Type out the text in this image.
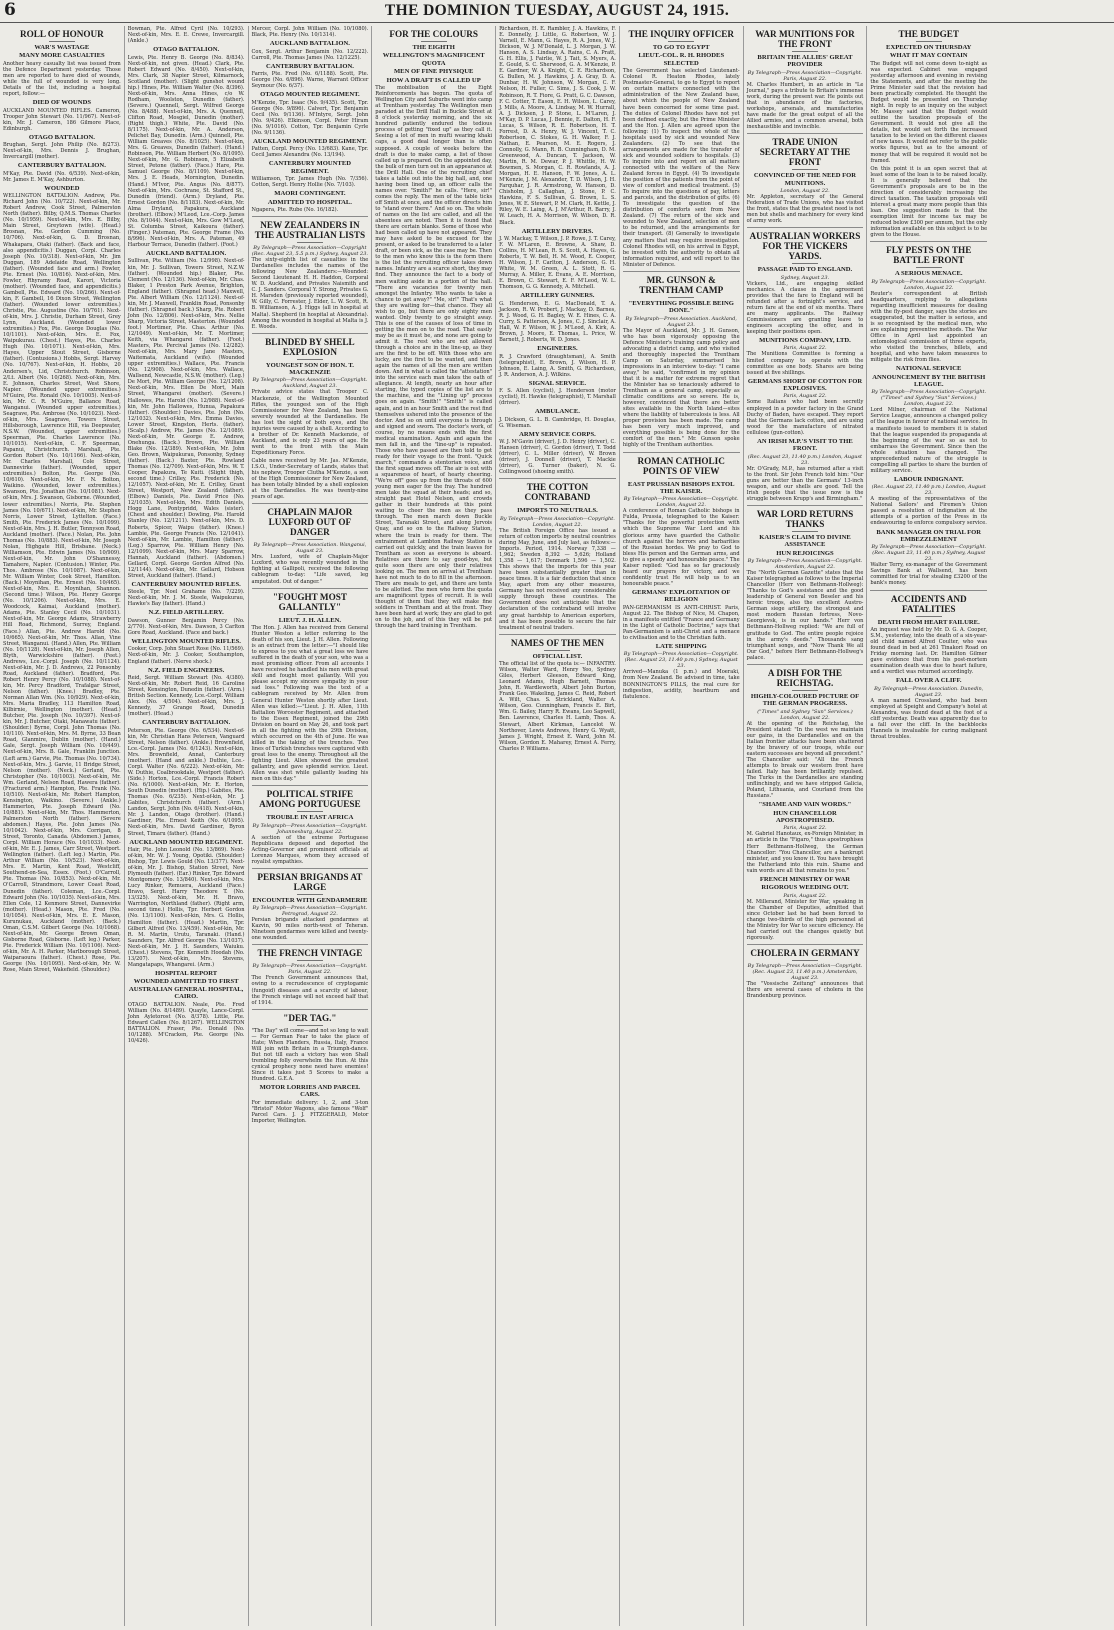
6	THE DOMINION TUESDAY, AUGUST 24, 1915.
ROLL OF HONOUR
WAR'S WASTAGE
MANY MORE CASUALTIES

Another heavy casualty list was issued from the Defence Department yesterday. Those men are reported to have died of wounds, while the full of wounded is very long. Details of the list, including a hospital report, follow:—

DIED OF WOUNDS

AUCKLAND MOUNTED RIFLES. Cameron, Trooper John Stewart (No. 11/967). Next-of-kin, Mr. J. Cameron, 186 Gilmore Place, Edinburgh.

OTAGO BATTALION.

Brughan, Sergt. John Philip (No. 8/273). Next-of-kin, Mrs. Dennis J. Brughan, Invercargill (mother).

CANTERBURY BATTALION.

M'Kay, Pte. David (No. 6/539). Next-of-kin, Mr. James E. M'Kay, Ashburton.

WOUNDED

WELLINGTON BATTALION. Andrew, Pte. Richard John (No. 10/722). Next-of-kin, Mr. Robert Andrew, Cook Street, Palmerston North (father). Bilby, Q.M.S. Thomas Charles (No. 10/1959). Next-of-kin, Mrs. E. Bilby, Main Street, Greytown (wife). (Head.) Brosnan, Pte. Gordon Cumming (No. 10/706). Next-of-kin, G. D. Brosnan, Whakapara, Otaki (father). (Back and face, also appendicitis.) Duggan, Corpl. Charles Joseph (No. 10/318). Next-of-kin, Mr. Jim Duggan, 189 Adelaide Road, Wellington (father). (Wounded face and arm.) Fowler, Pte. Ernest (No. 10/816). Next-of-kin, Mrs. Fowler, Rhyramy Road, Karori, Victoria (mother). (Wounded face, and appendicitis.) Gambell, Pte. Edward (No. 10/266). Next-of-kin, F. Gambell, 16 Dixon Street, Wellington (father). (Wounded lower extremities.) Christie, Pte. Augustine (No. 10/761). Next-of-kin, Mrs. J. Christie, Durham Street, Grey Lynn, Auckland. (Wounded lower extremities.) Fox, Pte. George Douglas (No. 10/1101). Next-of-kin, Mrs. E. Fox, Waipukurau. (Chest.) Hayes, Pte. Charles Hugh (No. 10/1071). Next-of-kin, Mrs. Hayes, Upper Stout Street, Gisborne (father). (Contusions.) Hobbs, Sergt. Harvey (No. 10/767). Next-of-kin, H. Hobbs, 20 Andersen's, Lid, Christchurch. Robinson, 2/Lt. Albert (No. 10/268). Next-of-kin, Mrs. E. Johnson, Charles Street, West Shore, Napier. (Wounded upper extremities.) M'Guire, Pte. Ronald (No. 10/1005). Next-of-kin, Mr. C. R. M'Guire, Ballance Road, Wanganui. (Wounded upper extremities.) Seagrave, Pte. Ambrose (No. 10/1023). Next-of-kin, Mrs. Seagrave, Towers Street, Hillsborough, Lawrence Hill, via Deepwater, N.S.W. (Wounded, upper extremities.) Speerman, Pte. Charles Lawrence (No. 10/1015). Next-of-kin, C. F. Speerman, Papanui, Christchurch. Marshall, Pte. Gordon Robert (No. 10/1166). Next-of-kin, Mr. Charles Marshall, Cole Street, Dannevirke (father). (Wounded, upper extremities.) Bolton, Pte. George (No. 10/610). Next-of-kin, Mr. F. N. Bolton, Waikino. (Wounded, lower extremities.) Swanson, Pte. Jonathan (No. 10/1081). Next-of-kin, Mrs. J. Swanson, Gisborne. (Wounded, lower extremities.) Norris, Pte. Stephen James (No. 10/671). Next-of-kin, Mr. Stephen Norris, Lower Street, Lyttelton. (Face.) Smith, Pte. Frederick James (No. 10/1099). Next-of-kin, Mrs. J. H. Butler, Tennyson Road, Auckland (mother). (Face.) Nolan, Pte. John Thomas (No. 10/883). Next-of-kin, Mr. Joseph Nolan, Highgate Hill, Brisbane. (Neck.) Williamson, Pte. Edwin James (No. 10/909). Next-of-kin, Mr. John O'Shannessy, Tamahere, Napier. (Contusion.) Winter, Pte. Thos. Ambrose (No. 10/1087). Next-of-kin, Mr. William Winter, Cook Street, Hamilton. (Back.) Moynihan, Pte. Ernest (No. 10/465). Next-of-kin, Mrs. E. Moynihan, Shannon. (Second time.) Wilson, Pte. Henry George (No. 10/1206). Next-of-kin, Mrs. E. Woodcock, Kaimai, Auckland (mother). Adams, Pte. Stanley Cecil (No. 10/1031). Next-of-kin, Mr. George Adams, Strawberry Hill Road, Richmond, Surrey, England. (Face.) Allan, Pte. Andrew Harold (No. 10/665). Next-of-kin, Mr. Thos. Allan, Vine Street, Wanganui. (Hand.) Allen, Pte. William (No. 10/1128). Next-of-kin, Mr. Joseph Allen, Blyth, Warwickshire (father). (Feet.) Andrews, Lce.-Corpl. Joseph (No. 10/1124). Next-of-kin, Mr. J. D. Andrews, 22 Ponsonby Road, Auckland (father). Bradford, Pte. Robert Henry Percy (No. 10/1088). Next-of-kin, Mr. Percy Bradford, Trafalgar Street, Nelson (father). (Knee.) Bradley, Pte. Norman Allan Wm. (No. 10/929). Next-of-kin, Mrs. Maria Bradley, 113 Hamilton Road, Kilbirnie, Wellington (mother). (Head.) Butcher, Pte. Joseph (No. 10/397). Next-of-kin, Mr. J. Butcher, Otaki, Manawatu (father). (Shoulder.) Byrne, Corpl. John Thomas (No. 10/110). Next-of-kin, Mrs. M. Byrne, 33 Bean Road, Glanmire, Dublin (mother). (Hand.) Gale, Sergt. Joseph William (No. 10/449). Next-of-kin, Mrs. B. Gale, Franklin Junction. (Left arm.) Garvie, Pte. Thomas (No. 10/734). Next-of-kin, Mrs. J. Garvie, 11 Bridge Street, Nelson (mother). (Neck.) Gerland, Pte. Christopher (No. 10/1003). Next-of-kin, Mr. Wm. Gerland, Nelson Road, Hawera (father). (Fractured arm.) Hampton, Pte. Frank (No. 10/510). Next-of-kin, Mr. Robert Hampton, Kensington, Waikino. (Severe.) (Ankle.) Hammerton, Pte. Joseph Edward (No. 10/881). Next-of-kin, Mr. Thos. Hammerton, Palmerston North (father). (Severe abdomen.) Hayes, Pte. John James (No. 10/1042). Next-of-kin, Mrs. Corrigan, 8 Street, Toronto, Canada. (Abdomen.) James, Corpl. William Horace (No. 10/1033). Next-of-kin, Mr. E. J. James, Carr Street, Westport. Wellington (father). (Left leg.) Martin, Pte. Arthur William (No. 10/523). Next-of-kin, Mrs. E. Martin, Kent Road, Westcliff, Southend-on-Sea, Essex. (Foot.) O'Carroll, Pte. Thomas (No. 10/853). Next-of-kin, Mr. O'Carroll, Strandmore, Lower Coast Road, Dunedin (father). Coleman, Lce.-Corpl. Edward John (No. 10/1035). Next-of-kin, Mrs. Ellen Cole, 12 Kenmore Street, Dannevirke (mother). (Head.) Mason, Pte. Fred (No. 10/1054). Next-of-kin, Mrs. E. E. Mason, Kurunukau, Auckland (mother). (Back.) Oman, C.S.M. Gilbert George (No. 10/1068). Next-of-kin, Mr. George Brown Oman, Gisborne Road, Gisborne. (Left leg.) Parker, Pte. Frederick William (No. 10/1106). Next-of-kin, Mr. A. H. Parker, Marlborough Street, Waiparaoura (father). (Chest.) Rose, Pte. George (No. 10/1095). Next-of-kin, Mr. W. Rose, Main Street, Wakefield. (Shoulder.)

Bowman, Pte. Alfred Cyril (No. 10/293). Next-of-kin, Mrs. E. E. Crewe, Invercargill. (Ankle.)

OTAGO BATTALION.

Lewis, Pte. Henry B. George (No. 8/834). Next-of-kin, not given. (Head.) Clark, Pte. Robert Edward (No. 8/450). Next-of-kin, Mrs. Clark, 38 Napier Street, Kilmarnock, Scotland (mother). (Slight gunshot wound hip.) Hines, Pte. William Walter (No. 8/396). Next-of-kin, Mrs. Anna Hines, c/o W. Rodham, Woolston, Dunedin (father). (Severe.) Quennell, Sergt. Wilfred George (No. 8/488). Next-of-kin, Mrs. A. Quennell, Clifton Road, Mosgiel, Dunedin (mother). (Right thigh.) White, Pte. David (No. 8/1175). Next-of-kin, Mr. A. Anderson, Pelichet Bay, Dunedin. (Arm.) Quinnell, Pte. William Greaves (No. 8/1025). Next-of-kin, Mrs. G. Greaves, Dunedin (father). (Hand.) Robinson, Pte. William Herbert (No. 8/1095). Next-of-kin, Mr. G. Robinson, 5 Elizabeth Street, Petone (father). (Face.) Hare, Pte. Samuel George (No. 8/1109). Next-of-kin, Mrs. J. E. Heads, Mornington, Dunedin. (Hand.) M'Ivor, Pte. Angus (No. 8/877). Next-of-kin, Mrs. Cochrane, St. Stafford St., Dunedin (friend). (Arm.) Dryland, Pte. Ernest Gordon (No. 8/1183). Next-of-kin, Mr. Alma Dryland, Papakura, Auckland (brother). (Elbow.) M'Leod, Lce.-Corp. James (No. 8/1044). Next-of-kin, Mrs. Gow M'Leod, St. Columba Street, Kaikoura (father). (Finger.) Pateman, Pte. George Frame (No. 8/996). Next-of-kin, Mrs. A. Pateman, 49 Harbour Terrace, Dunedin (father). (Foot.)

AUCKLAND BATTALION.

Sullivan, Pte. William (No. 12/998). Next-of-kin, Mr. J. Sullivan, Towers Street, N.Z.W. (father). (Wounded hip.) Blaker, Pte. Clement (No. 12/136). Next-of-kin, Mr. Chas. Blaker, 1 Preston Park Avenue, Brighton, England (father). (Shrapnel head.) Maxwell, Pte. Albert William (No. 12/1124). Next-of-kin, Mr. J. Maxwell, Franklin Road, Ponsonby (father). (Shrapnel back.) Sharp, Pte. Robert John (No. 12/806). Next-of-kin, Mrs. Nellie Sharp, Victoria Street, Masterton. (Wounded foot.) Mortimer, Pte. Chas. Arthur (No. 12/1049). Next-of-kin, Mr. T. Mortimer, Keith, via Whangarei (father). (Foot.) Masters, Pte. Percival James (No. 12/282). Next-of-kin, Mrs. Mary Jane Masters, Waitemata, Auckland (wife). (Wounded upper extremities.) Wallace, Pte. Francis (No. 12/908). Next-of-kin, Mrs. Wallace, Wallsend, Newcastle, N.S.W. (mother). (Leg.) De Mort, Pte. William George (No. 12/1208). Next-of-kin, Mrs. Ellen De Mort, Main Street, Whangarei (mother). (Severe.) Hallowes, Pte. Harold (No. 12/988). Next-of-kin, Mr. John Hallowes, Hunua, Papakura (father). (Shoulder.) Davies, Pte. John (No. 12/1032). Next-of-kin, Mrs. Emma Davies, Lower Street, Kingston, Herts. (father). (Scalp.) Andrew, Pte. James (No. 12/1089). Next-of-kin, Mr. George E. Andrew, Onehunga. (Back.) Brown, Pte. William Blake (No. 12/389). Next-of-kin, Mr. John Geo. Brown, Waipukurau, Ponsonby, Sydney (father). (Back.) Baxter, Pte. Rowland Thomas (No. 12/709). Next-of-kin, Mrs. W. T. Cooper, Papakura, Te Kuiti. (Slight thigh, second time.) Crilley, Pte. Frederick (No. 12/1057). Next-of-kin, Mr. E. Crilley, Grant Street, Westport, New Zealand (father). (Elbow.) Daniels, Pte. David Price (No. 12/1035). Next-of-kin, Mrs. Edith Daniels, Hogg Lane, Pontypridd, Wales (sister). (Chest and shoulder.) Dowling, Pte. Harold Stanley (No. 12/1211). Next-of-kin, Mrs. D. Roberts, Spicer, Waipu (father). (Knee.) Lambie, Pte. George Francis (No. 12/1041). Next-of-kin, Mr. Lambie, Hamilton (father). (Leg.) Sparrow, Pte. William Henry (No. 12/1099). Next-of-kin, Mrs. Mary Sparrow, Hannah, Auckland (father). (Abdomen.) Gellard, Corpl. George Gordon Alfred (No. 12/1144). Next-of-kin, Mr. Gellard, Hobson Street, Auckland (father). (Hand.)

CANTERBURY MOUNTED RIFLES.

Steele, Tpr. Noel Grahame (No. 7/229). Next-of-kin, Mr. J. M. Steele, Waipukurau, Hawke's Bay (father). (Hand.)

N.Z. FIELD ARTILLERY.

Dawson, Gunner Benjamin Percy (No. 2/770). Next-of-kin, Mrs. Dawson, 3 Carlton Gore Road, Auckland. (Face and back.)

WELLINGTON MOUNTED RIFLES.

Cooker, Corp. John Stuart Rose (No. 11/569). Next-of-kin, Mr. J. Cooker, Southampton, England (father). (Nerve shock.)

N.Z. FIELD ENGINEERS.

Reid, Sergt. William Stewart (No. 4/380). Next-of-kin, Mr. Robert Reid, 16 Caroline Street, Kensington, Dunedin (father). (Arm.) British Section. Kennedy, Lce.-Corpl. William Alex. (No. 4/504). Next-of-kin, Mrs. J. Kennedy, 37 Grange Road, Dunedin (mother). (Head.)

CANTERBURY BATTALION.

Peterson, Pte. George (No. 6/534). Next-of-kin, Mr. Christian Hans Petersen, Vanguard Street, Nelson (father). (Ankle.) Brownfield, Lce.-Corpl. James (No. 6/1243). Next-of-kin, Mrs. Brownfield, Annat, Canterbury (mother). (Hand and ankle.) Duthie, Lce.-Corpl. Walter (No. 6/222). Next-of-kin, Mr. W. Duthie, Coalbrookdale, Westport (father). (Side.) Horton, Lce.-Corpl. Francis Robert (No. 6/1000). Next-of-kin, Mr. E. Horton, South Dunedin (mother). (Hip.) Gabites, Pte. Thomas (No. 6/235). Next-of-kin, Mr. J. Gabites, Christchurch (father). (Arm.) Landon, Sergt. John (No. 6/418). Next-of-kin, Mr. J. Landon, Otago (brother). (Hand.) Gardiner, Pte. Ernest Keith (No. 6/1095). Next-of-kin, Mrs. David Gardiner, Byron Street, Timaru (father). (Hand.)

AUCKLAND MOUNTED REGIMENT.

Hair, Pte. John Leonold (No. 13/869). Next-of-kin, Mr. W. J. Young, Opotiki. (Shoulder.) Bishop, Tpr. Lewis Gould (No. 13/377). Next-of-kin, Mr. J. Bishop, Station Street, New Plymouth (father). (Ear.) Rinker, Tpr. Edward Montgomery (No. 13/840). Next-of-kin, Mrs. Lucy Rinker, Remuera, Auckland (Face.) Bravo, Sergt. Harry Theodore T. (No. 13/325). Next-of-kin, Mr. H. Bravo, Warrington, Northland (father). (Right arm, second time.) Hollis, Tpr. Herbert Gordon (No. 13/1100). Next-of-kin, Mrs. G. Hollis, Hamilton (father). (Head.) Martin, Tpr. Gilbert Alfred (No. 13/459). Next-of-kin, Mr. R. M. Martin, Urutu, Taranaki. (Hand.) Saunders, Tpr. Alfred George (No. 13/1037). Next-of-kin, Mr. J. H. Saunders, Waiuku. (Chest.) Stevens, Tpr. Kenneth Hoodah (No. 13/207). Next-of-kin, Mrs. Stevens, Mangatapaps, Whangarei. (Arm.)

HOSPITAL REPORT
WOUNDED ADMITTED TO FIRST AUSTRALIAN GENERAL HOSPITAL, CAIRO.

OTAGO BATTALION. Neale, Pte. Fred William (No. 8/1489). Quayle, Lance-Corpl. John Ayletorost (No. 8/378). Little, Pte. Edward Callen (No. 8/1267). WELLINGTON BATTALION. Fraser, Pte. Donald (No. 10/1288). M'Cracken, Pte. George (No. 10/426).

Mercer, Corpl. John William (No. 10/1080). Black, Pte. Henry (No. 10/1314).

AUCKLAND BATTALION.

Cox, Sergt. Arthur Benjamin (No. 12/222). Carroll, Pte. Thomas James (No. 12/1225).

CANTERBURY BATTALION.

Farris, Pte. Fred (No. 6/1188). Scott, Pte. George (No. 6/896). Warne, Warrant Officer Seymour (No. 6/37).

OTAGO MOUNTED REGIMENT.

M'Kenzie, Tpr. Isaac (No. 9/435). Scott, Tpr. George (No. 9/896). Calvert, Tpr. Benjamin Cecil (No. 9/1136). M'Intyre, Sergt. John (No. 9/426). Elkinson, Corpl. Peter Hiram (No. 9/1016). Cotton, Tpr. Benjamin Cyrle (No. 9/1136).

AUCKLAND MOUNTED REGIMENT.

Patten, Corpl. Percy (No. 13/683). Kane, Tpr. Cecil James Alexandra (No. 13/194).

CANTERBURY MOUNTED REGIMENT.

Williamson, Tpr. James Hugh (No. 7/356). Cotton, Sergt. Henry Hollie (No. 7/103).

MAORI CONTINGENT.
ADMITTED TO HOSPITAL.

Ngapera, Pte. Rube (No. 16/182).

NEW ZEALANDERS IN THE AUSTRALIAN LISTS

By Telegraph—Press Association—Copyright (Rec. August 23, 5.5 p.m.) Sydney, August 23.

The sixty-eighth list of casualties in the Dardanelles includes the names of the following New Zealanders:—Wounded: Second Lieutenant H. H. Haddon, Corporal W. D. Auckland, and Privates Naismith and C. J. Sanders. Corporal Y. Strong, Privates G. H. Marsden (previously reported wounded), W. Gilly, C. Forrester, J. Elder, L. W. Scott, R. B. Williamson, A. J. Higgs (all in hospital at Malta). Shepherd (in hospital at Alexandria). Among the wounded in hospital at Malta is J. E. Woods.

BLINDED BY SHELL EXPLOSION
YOUNGEST SON OF HON. T. MACKENZIE

By Telegraph—Press Association—Copyright. Auckland, August 23.

Private advice states that Trooper C. Mackenzie, of the Wellington Mounted Rifles, the youngest son of the High Commissioner for New Zealand, has been severely wounded at the Dardanelles. He has lost the sight of both eyes, and the injuries were caused by a shell. According to a brother of Dr. Kenneth Mackenzie, of Auckland, and is only 23 years of age. He went to the front with the Main Expeditionary Force.

Cable news received by Mr. Jas. M'Kenzie, I.S.O., Under-Secretary of Lands, states that his nephew, Trooper Clutha M'Kenzie, a son of the High Commissioner for New Zealand, has been totally blinded by a shell explosion at the Dardanelles. He was twenty-nine years of age.

CHAPLAIN MAJOR LUXFORD OUT OF DANGER

By Telegraph—Press Association. Wanganui, August 23.

Mrs. Luxford, wife of Chaplain-Major Luxford, who was recently wounded in the fighting at Gallipoli, received the following cablegram to-day: "Life saved, leg amputated. Out of danger."

"FOUGHT MOST GALLANTLY"
LIEUT. J. H. ALLEN.

The Hon. J. Allen has received from General Hunter Weston a letter referring to the death of his son, Lieut. J. H. Allen. Following is an extract from the letter:—"I should like to express to you what a great loss we have suffered in the death of your son, who was a most promising officer. From all accounts I have received he handled his men with great skill and fought most gallantly. Will you please accept my sincere sympathy in your sad loss." Following was the text of a cablegram received by Mr. Allen from General Hunter Weston shortly after Lieut. Allen was killed:—"Lieut. J. H. Allen, 11th Battalion Worcester Regiment, and attached to the Essex Regiment, joined the 29th Division on board on May 26, and took part in all the fighting with the 29th Division, which occurred on the 4th of June. He was killed in the taking of the trenches. Two lines of Turkish trenches were captured with great loss to the enemy. Throughout all the fighting Lieut. Allen showed the greatest gallantry, and gave splendid service. Lieut. Allen was shot while gallantly leading his men on this day."

POLITICAL STRIFE AMONG PORTUGUESE
TROUBLE IN EAST AFRICA

By Telegraph—Press Association—Copyright. Johannesburg, August 22.

A section of the extreme Portuguese Republicans deposed and deported the Acting-Governor and prominent officials at Lorenzo Marques, whom they accused of royalist sympathies.

PERSIAN BRIGANDS AT LARGE
ENCOUNTER WITH GENDARMERIE

By Telegraph—Press Association—Copyright. Petrograd, August 22.

Persian brigands attacked gendarmes at Kazvin, 90 miles north-west of Teheran. Nineteen gendarmes were killed and twenty-one wounded.

THE FRENCH VINTAGE

By Telegraph—Press Association—Copyright. Paris, August 22.

The French Government announces that, owing to a recrudescence of cryptogamic (fungoid) diseases and a scarcity of labour, the French vintage will not exceed half that of 1914.

"DER TAG."

"The Day" will come—and not so long to wait— For German Fear to take the place of Hate; When Flanders, Russia, Italy, France Will join with Britain in a Triumph-dance. But not till each a victory has won Shall trembling folly overwhelm the Hun. At this cynical prophecy none need have enemies! Since it takes just 5 Scores to make a Hundred. G.E.A.

MOTOR LORRIES AND PARCEL CARS.

For immediate delivery: 1, 2, and 3-ton "Bristol" Motor Wagons, also famous "Wolf" Parcel Cars. J. J. FITZGERALD, Motor Importer, Wellington.

FOR THE COLOURS
THE EIGHTH
WELLINGTON'S MAGNIFICENT QUOTA
MEN OF FINE PHYSIQUE
HOW A DRAFT IS CALLED UP

The mobilisation of the Eight Reinforcements has begun. The quota of Wellington City and Suburbs went into camp at Trentham yesterday. The Wellington men paraded at the Drill Hall in Buckle Street at 8 o'clock yesterday morning, and the six hundred patiently endured the tedious process of getting "fixed up" as they call it. Seeing a lot of men in mufti wearing khaki caps, a good deal longer than is often supposed. A couple of weeks before the draft is due to make camp, a list of those called up is prepared. On the appointed day, the bulk of men turn out in an appearance at the Drill Hall. One of the recruiting chief takes a table out into the big hall, and, one having been lined up, an officer calls the names over. "Smith!" he calls. "Here, sir!" comes the reply. The men of the table ticks off Smith at once, and the officer directs him to "stand over there." And so on. The whole of names on the list are called, and all the absentees are noted. Then it is found that there are certain blanks. Some of those who had been called up have not appeared. They may have asked to be excused for the present, or asked to be transferred to a later draft, or been sick, as the case may be. Then to the men who know this is the form there is the list the recruiting officer takes down names. Infantry are a scarce short, they may find. They announce the fact to a body of men waiting aside in a portion of the hall. "There are vacancies for twenty men amongst the Infantry. Who wants to take a chance to get away?" "Me, sir!" That's what they are waiting for—that chance. They all wish to go, but there are only eighty men wanted. Only twenty to go straight away. This is one of the causes of loss of time in getting the men on to the road. That easily may be as it must be, and none are going to admit it. The rest who are not allowed through a choice are in the line-up, as they are the first to be off. With those who are lucky, are the first to be wanted, and then again the names of all the men are written down. And in what is called the "attestation" into the service each man takes the oath of allegiance. At length, nearly an hour after starting, the typed copies of the list are to the machine, and the "Lining up" process goes on again. "Smith!" "Smith!" is called again, and in an hour Smith and the rest find themselves ushered into the presence of the doctor. And so on until everyone is through and signed and sworn. The doctor's work, of course, by no means ends with the first medical examination. Again and again the men fall in, and the "line-up" is repeated. Those who have passed are then told to get ready for their voyage to the front. "Quick march," commands a stentorian voice, and the first squad moves off. The air is out with a squareness of heart, of hearty cheering. "We're off" goes up from the throats of 600 young men eager for the fray. The hundred men take the squad at their heads; and so, straight past Hotel Nelson, and crowds gather in their hundreds at this point waiting to cheer the men as they pass through. The men march down Buckle Street, Taranaki Street, and along Jervois Quay, and so on to the Railway Station, where the train is ready for them. The entrainment at Lambton Railway Station is carried out quickly, and the train leaves for Trentham as soon as everyone is aboard. Relatives are there to say good-bye, but quite soon there are only their relatives looking on. The men on arrival at Trentham have not much to do to fill in the afternoon. There are meals to get, and there are tents to be allotted. The men who form the quota are magnificent types of recruit. It is well thought of them that they will make fine soldiers in Trentham and at the front. They have been hard at work; they are glad to get on to the job, and of this they will be put through the hard training in Trentham.

Richardson, H. E. Rambler, J. A. Hawkins, F. E. Donnelly, J. Little, G. Robertson, W. J. Varnell, E. Mann, G. Hayes, R. A. Jones, W. J. Dickson, W. J. M'Donald, L. J. Morgan, J. W. Hanson, A. S. Lindsay, A. Rains, C. A. Pratt, G. H. Ellis, J. Fairlie, W. J. Tait, S. Myers, A. E. Gould, S. C. Sherwood, G. A. M'Kenzie, P. E. Gardner, W. A. Knight, C. E. Richardson, G. Bullen, M. J. Hawkins, J. A. Gray, D. A. Dunbar, H. W. Johnson, W. Morgan, C. F. Nelson, H. Fuller, C. Sims, J. S. Cook, J. W. Robinson, R. T. Fiore, G. Pratt, G. C. Dawson, F. C. Cotter, T. Eason, E. H. Wilson, L. Carey, J. Mills, A. Moore, A. Lindsay, M. W. Hurrall, A. J. Dicksen, J. P. Stone, L. M'Laren, J. M'Kay, D. P. Lucas, J. Bennie, E. Dalton, H. F. Lucas, S. Wilson, R. E. Robertson, H. T. Forrest, D. A. Henry, W. J. Vincent, T. C. Robertson, C. Stokes, G. H. Walker, F. J. Nathan, E. Pearson, M. E. Rogers, J. Connolly, G. Mann, R. B. Cunningham, D. M. Greenwood, A. Duncan, T. Jackson, W. Martin, R. M. Dewar, P. J. Whittle, H. W. Bowmen, S. Morgan, C. R. Rowlands, A. J. Morgan, H. E. Hanson, F. W. Jones, A. L. M'Kenzie, J. M. Alexander, T. D. Wilson, J. H. Farquhar, J. R. Armstrong, W. Hanson, D. Chisholm, J. Callaghan, J. Stone, P. C. Hawkins, F. S. Sullivan, G. Brown, L. S. Jones, W. E. Stewart, P. M. Clark, H. Kettle, J. Riley, W. E. Laing, A. J. M'Arthur, R. Barry, J. W. Leach, H. A. Morrison, W. Wilson, D. R. Black.

ARTILLERY DRIVERS.

J. W. Mackay, T. Wilson, J. P. Rowe, J. T. Carey, F. W. M'Laren, E. Browne, A. Shaw, D. Collins, H. M'Lean, R. S. Scott, A. Hayes, G. Roberts, T. W. Bell, H. M. Wood, E. Cooper, H. Wilson, J. F. Carlton, J. Anderson, G. H. White, W. M. Green, A. L. Stott, R. G. Murray, A. Miller, E. Evans, A. E. Morrison, E. Brown, C. Stewart, E. F. M'Leod, W. L. Thomson, G. G. Kennedy, A. Mitchell.

ARTILLERY GUNNERS.

G. Henderson, E. G. MacDonald, T. A. Jackson, R. W. Probert, J. Mackay, D. Barnes, R. J. Wood, G. H. Bagley, W. E. Hines, C. A. Curry, S. Patterson, A. Jones, C. J. Sinclair, A. Hall, W. F. Wilson, W. J. M'Leod, A. Kirk, A. Brown, J. Moore, E. Thomas, L. Price, W. Barnett, J. Roberts, W. D. Jones.

ENGINEERS.

R. J. Crawford (draughtsman), A. Smith (telegraphist), E. Brown, J. Wilson, H. P. Johnson, E. Laing, A. Smith, G. Richardson, J. R. Anderson, A. J. Wilkins.

SIGNAL SERVICE.

F. S. Allen (cyclist), J. Henderson (motor cyclist), H. Hawke (telegraphist), T. Marshall (driver).

AMBULANCE.

J. Dickson, G. L. B. Cambridge, H. Douglas, G. Wiseman.

ARMY SERVICE CORPS.

W. J. M'Gavin (driver), J. D. Henry (driver), C. Hansen (driver), C. Gordon (driver), T. Todd (driver), C. L. Miller (driver), W. Brown (driver), J. Donnell (driver), T. Mackie (driver), G. Turner (baker), N. G. Collingwood (shoeing smith).

THE COTTON CONTRABAND
IMPORTS TO NEUTRALS.

By Telegraph—Press Association—Copyright. London, August 22.

The British Foreign Office has issued a return of cotton imports by neutral countries during May, June, and July last, as follows:— Imports. Period, 1914. Norway 7,338 — 1,962; Sweden 8,392 — 5,626; Holland 1,358 — 1,617; Denmark 1,596 — 1,502. This shows that the imports for this year have been substantially greater than in peace times. It is a fair deduction that since May, apart from any other measures, Germany has not received any considerable supply through these countries. The Government does not anticipate that the declaration of the contraband will involve any great hardship to American exporters, and it has been possible to secure the fair treatment of neutral traders.

NAMES OF THE MEN
OFFICIAL LIST.

The official list of the quota is:— INFANTRY. Wilson, Walter Ward, Henry Yeo, Sydney Giles, Herbert Gleeson, Edward King, Leonard Adams, Hugh Barnett, Thomas John, R. Wardleworth, Albert John Burton, Frank Geo. Wakeling, James C. Reid, Robert A. Wilt, Chas. S. Strickland, Walter A. Wilson, Geo. Cunningham, Francis E. Birt, Wm. G. Bailey, Harry R. Ewans, Leo Sapwell, Ben. Lawrence, Charles H. Lamb, Thos. A. Stewart, Albert Kirkman, Lancelot W. Northover, Lewis Andrews, Henry G. Wyatt, James J. Wright, Ernest E. Ward, John M. Wilson, Gordon E. Maharey, Ernest A. Ferry, Charles P. Williams.

THE INQUIRY OFFICER
TO GO TO EGYPT
LIEUT.-COL. R. H. RHODES SELECTED

The Government has selected Lieutenant-Colonel R. Heaton Rhodes, lately Postmaster-General, to go to Egypt to report on certain matters connected with the administration of the New Zealand base, about which the people of New Zealand have been concerned for some time past. The duties of Colonel Rhodes have not yet been defined exactly, but the Prime Minister and the Hon. J. Allen are agreed upon the following: (1) To inspect the whole of the hospitals used by sick and wounded New Zealanders. (2) To see that the arrangements are made for the transfer of sick and wounded soldiers to hospitals. (3) To inquire into and report on all matters connected with the welfare of the New Zealand forces in Egypt. (4) To investigate the position of the patients from the point of view of comfort and medical treatment. (5) To inquire into the questions of pay, letters and parcels, and the distribution of gifts. (6) To investigate the question of the distribution of comforts sent from New Zealand. (7) The return of the sick and wounded to New Zealand, selection of men to be returned, and the arrangements for their transport. (8) Generally to investigate any matters that may require investigation. Colonel Rhodes will, on his arrival in Egypt, be invested with the authority to obtain all information required, and will report to the Minister of Defence.

MR. GUNSON & TRENTHAM CAMP
"EVERYTHING POSSIBLE BEING DONE."

By Telegraph—Press Association. Auckland, August 23.

The Mayor of Auckland, Mr. J. H. Gunson, who has been vigorously opposing the Defence Minister's training camp policy and advocating a district camp, and who visited and thoroughly inspected the Trentham Camp on Saturday, summarised his impressions in an interview to-day: "I came away," he said, "confirmed in my opinion that it is a matter for extreme regret that the Minister has so tenaciously adhered to Trentham as a general camp, especially as climatic conditions are so severe. He is, however, convinced that there are better sites available in the North Island—sites where the liability of tuberculosis is less. All proper provision has been made. The camp has been very much improved, and everything possible is being done for the comfort of the men." Mr. Gunson spoke highly of the Trentham authorities.

ROMAN CATHOLIC POINTS OF VIEW
EAST PRUSSIAN BISHOPS EXTOL THE KAISER.

By Telegraph—Press Association—Copyright. London, August 22.

A conference of Roman Catholic bishops in Fulda, Prussia, telegraphed to the Kaiser: "Thanks for the powerful protection with which the Supreme War Lord and his glorious army have guarded the Catholic church against the horrors and barbarities of the Russian hordes. We pray to God to bless His person and the German arms, and to give a speedy and honourable peace." The Kaiser replied: "God has so far graciously heard our prayers for victory, and we confidently trust He will help us to an honourable peace."

GERMANS' EXPLOITATION OF RELIGION

PAN-GERMANISM IS ANTI-CHRIST. Paris, August 22. The Bishop of Nice, M. Chapon, in a manifesto entitled "France and Germany in the Light of Catholic Doctrine," says that Pan-Germanism is anti-Christ and a menace to civilisation and to the Christian faith.

LATE SHIPPING

By Telegraph—Press Association—Copyright. (Rec. August 23, 11.40 p.m.) Sydney, August 23.

Arrived—Manuka (1 p.m.) and Moeraki, from New Zealand. Be advised in time, take BONNINGTON'S PILLS, the real cure for indigestion, acidity, heartburn and flatulence.

WAR MUNITIONS FOR THE FRONT
BRITAIN THE ALLIES' GREAT PROVIDER

By Telegraph—Press Association—Copyright. Paris, August 22.

M. Charles Humbert, in an article in "Le Journal," pays a tribute to Britain's immense work, during the present war. He points out that in abundance of the factories, workshops, arsenals, and manufactories have made for the great output of all the Allied armies, and a common arsenal, both inexhaustible and invincible.

TRADE UNION SECRETARY AT THE FRONT
CONVINCED OF THE NEED FOR MUNITIONS.

London, August 22.

Mr. Appleton, secretary of the General Federation of Trade Unions, who has visited the front, states that the greatest need is not men but shells and machinery for every kind of army work.

AUSTRALIAN WORKERS FOR THE VICKERS YARDS.
PASSAGE PAID TO ENGLAND.

Sydney, August 23.

Vickers, Ltd., are engaging skilled mechanics. A clause in the agreement provides that the fare to England will be refunded after a fortnight's service, and return fare at the end of six months. There are many applicants. The Railway Commissioners are granting leave to engineers accepting the offer, and in keeping their positions open.

MUNITIONS COMPANY, LTD.

Paris, August 22.

The Munitions Committee is forming a limited company to operate with the committee as one body. Shares are being issued at five shillings.

GERMANS SHORT OF COTTON FOR EXPLOSIVES.

Paris, August 22.

Some Italians who had been secretly employed in a powder factory in the Grand Duchy of Baden, have escaped. They report that the Germans lack cotton, and are using wood for the manufacture of nitrated cellulose (gun-cotton).

AN IRISH M.P.'S VISIT TO THE FRONT.

(Rec. August 23, 11.40 p.m.) London, August 23.

Mr. O'Grady, M.P., has returned after a visit to the front. Sir John French told him: "Our guns are better than the Germans' 13-inch weapon, and our shells are good. Tell the Irish people that the issue now is the struggle between Krupp's and Birmingham."

WAR LORD RETURNS THANKS
KAISER'S CLAIM TO DIVINE ASSISTANCE
HUN REJOICINGS

By Telegraph—Press Association—Copyright. Amsterdam, August 22.

The "North German Gazette" states that the Kaiser telegraphed as follows to the Imperial Chancellor (Herr von Bethmann-Hollweg): "Thanks to God's assistance and the good leadership of General von Beseler and his heroic troops, also the excellent Austro-German siege artillery, the strongest and most modern Russian fortress, Novo-Georgievsk, is in our hands." Herr von Bethmann-Hollweg replied: "We are full of gratitude to God. The entire people rejoice in the army's deeds." Thousands sang triumphant songs, and "Now Thank We all Our God," before Herr Bethmann-Hollweg's palace.

A DISH FOR THE REICHSTAG.
HIGHLY-COLOURED PICTURE OF THE GERMAN PROGRESS.

("Times" and Sydney "Sun" Services.) London, August 22.

At the opening of the Reichstag, the President stated: "In the west we maintain our gains, in the Dardanelles and on the Italian frontier attacks have been shattered by the bravery of our troops, while our eastern successes are beyond all precedent." The Chancellor said: "All the French attempts to break our western front have failed. Italy has been brilliantly repulsed. The Turks in the Dardanelles are standing unflinchingly, and we have stripped Galicia, Poland, Lithuania, and Courland from the Russians."

"SHAME AND VAIN WORDS."
HUN CHANCELLOR APOSTROPHISED.

Paris, August 22.

M. Gabriel Hanotaux, ex-Foreign Minister, in an article in the "Figaro," thus apostrophises Herr Bethmann-Hollweg, the German Chancellor: "You Chancellor, are a bankrupt minister, and you know it. You have brought the Fatherland into this ruin. Shame and vain words are all that remains to you."

FRENCH MINISTRY OF WAR
RIGOROUS WEEDING OUT.

Paris, August 22.

M. Millerand, Minister for War, speaking in the Chamber of Deputies, admitted that since October last he had been forced to change two-thirds of the high personnel at the Ministry for War to secure efficiency. He had carried out the changes quietly but rigorously.

CHOLERA IN GERMANY

By Telegraph—Press Association—Copyright. (Rec. August 23, 11.40 p.m.) Amsterdam, August 23.

The "Vossische Zeitung" announces that there are several cases of cholera in the Brandenburg province.

THE BUDGET
EXPECTED ON THURSDAY
WHAT IT MAY CONTAIN

The Budget will not come down to-night as was expected. Cabinet was engaged yesterday afternoon and evening in revising the Statements, and after the meeting the Prime Minister said that the revision had been practically completed. He thought the Budget would be presented on Thursday night. In reply to an inquiry on the subject Mr. Massey said that the Budget would outline the taxation proposals of the Government. It would not give all the details, but would set forth the increased taxation to be levied on the different classes of new taxes. It would not refer to the public works figures, but as to the amount of money that will be required it would not be framed.

On this point it is an open secret that at least some of the loan is to be raised locally. It is generally believed that the Government's proposals are to be in the direction of considerably increasing the direct taxation. The taxation proposals will interest a great many more people than this loan. One suggestion made is that the exemption limit for income tax may be reduced below £300 per annum, but the only information available on this subject is to be given to the House.

FLY PESTS ON THE BATTLE FRONT
A SERIOUS MENACE.

By Telegraph—Press Association—Copyright. London, August 22.

Reuter's correspondent at British headquarters, replying to allegations regarding insufficient measures for dealing with the fly-pest danger, says the stories are exaggerated, but the matter is serious, and is so recognised by the medical men, who are explaining preventive methods. The War Office in April last appointed an entomological commission of three experts, who visited the trenches, billets, and hospital, and who have taken measures to mitigate the risk from flies.

NATIONAL SERVICE
ANNOUNCEMENT BY THE BRITISH LEAGUE.

By Telegraph—Press Association—Copyright. ("Times" and Sydney "Sun" Services.) London, August 22.

Lord Milner, chairman of the National Service League, announces a changed policy of the league in favour of national service. In a manifesto issued to members it is stated that the league suspended its propaganda at the beginning of the war so as not to embarrass the Government. Since then the whole situation has changed. The unprecedented nature of the struggle is compelling all parties to share the burden of military service.

LABOUR INDIGNANT.

(Rec. August 23, 11.40 p.m.) London, August 23.

A meeting of the representatives of the National Sailors' and Firemen's Union passed a resolution of indignation at the attempts of a portion of the Press in its endeavouring to enforce compulsory service.

BANK MANAGER ON TRIAL FOR EMBEZZLEMENT

By Telegraph—Press Association—Copyright. (Rec. August 23, 11.40 p.m.) Sydney, August 23.

Walter Terry, ex-manager of the Government Savings Bank at Wallsend, has been committed for trial for stealing £3200 of the bank's money.

ACCIDENTS AND FATALITIES
DEATH FROM HEART FAILURE.

An inquest was held by Mr. D. G. A. Cooper, S.M., yesterday, into the death of a six-year-old child named Alfred Coulter, who was found dead in bed at 261 Tinakori Road on Friday morning last. Dr. Hamilton Gilmer gave evidence that from his post-mortem examination death was due to heart failure, and a verdict was returned accordingly.

FALL OVER A CLIFF.

By Telegraph—Press Association. Dunedin, August 23.

A man named Crossland, who had been employed at Speight and Company's hotel at Alexandra, was found dead at the foot of a cliff yesterday. Death was apparently due to a fall over the cliff. In the backblocks Flannels is invaluable for curing malignant throat troubles.
